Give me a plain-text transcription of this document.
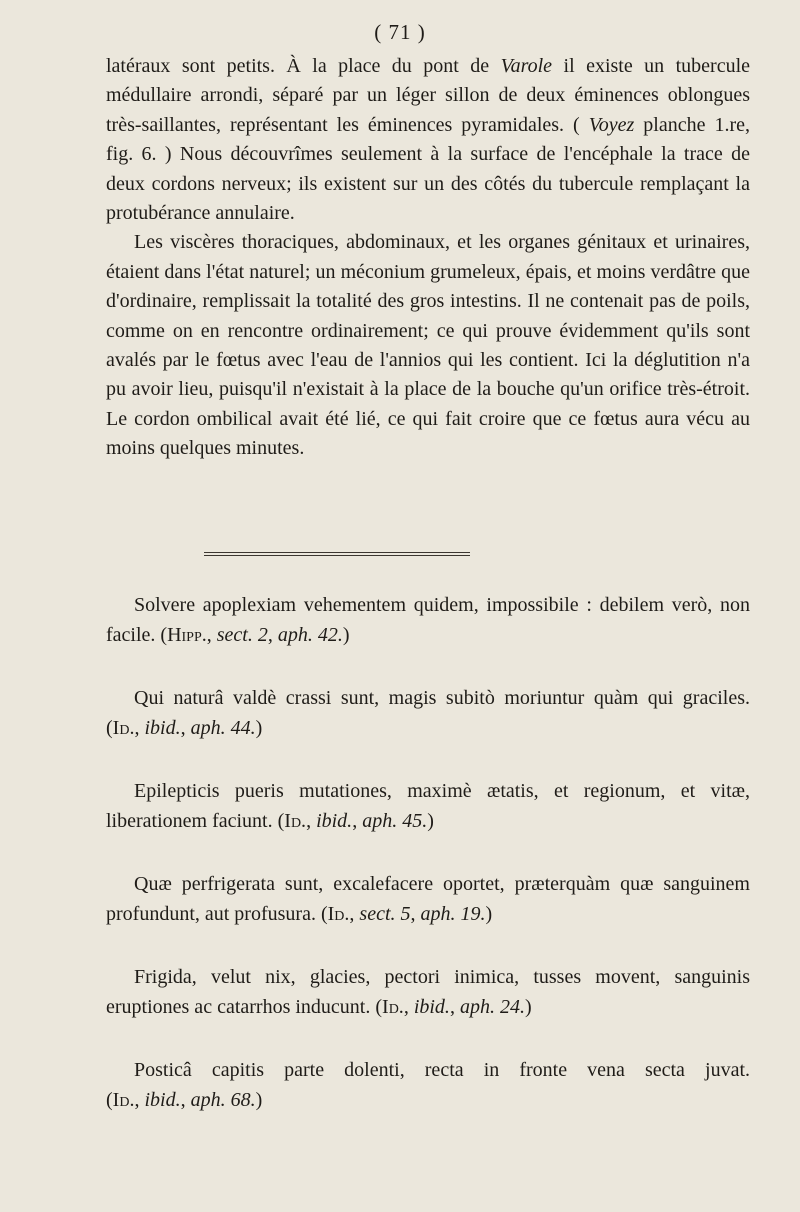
( 71 )

latéraux sont petits. À la place du pont de Varole il existe un tubercule médullaire arrondi, séparé par un léger sillon de deux éminences oblongues très-saillantes, représentant les éminences pyramidales. ( Voyez planche 1.re, fig. 6. ) Nous découvrîmes seulement à la surface de l'encéphale la trace de deux cordons nerveux; ils existent sur un des côtés du tubercule remplaçant la protubérance annulaire.

Les viscères thoraciques, abdominaux, et les organes génitaux et urinaires, étaient dans l'état naturel; un méconium grumeleux, épais, et moins verdâtre que d'ordinaire, remplissait la totalité des gros intestins. Il ne contenait pas de poils, comme on en rencontre ordinairement; ce qui prouve évidemment qu'ils sont avalés par le fœtus avec l'eau de l'annios qui les contient. Ici la déglutition n'a pu avoir lieu, puisqu'il n'existait à la place de la bouche qu'un orifice très-étroit. Le cordon ombilical avait été lié, ce qui fait croire que ce fœtus aura vécu au moins quelques minutes.

Solvere apoplexiam vehementem quidem, impossibile : debilem verò, non facile. (Hipp., sect. 2, aph. 42.)
Qui naturâ valdè crassi sunt, magis subitò moriuntur quàm qui graciles. (Id., ibid., aph. 44.)
Epilepticis pueris mutationes, maximè ætatis, et regionum, et vitæ, liberationem faciunt. (Id., ibid., aph. 45.)
Quæ perfrigerata sunt, excalefacere oportet, præterquàm quæ sanguinem profundunt, aut profusura. (Id., sect. 5, aph. 19.)
Frigida, velut nix, glacies, pectori inimica, tusses movent, sanguinis eruptiones ac catarrhos inducunt. (Id., ibid., aph. 24.)
Posticâ capitis parte dolenti, recta in fronte vena secta juvat. (Id., ibid., aph. 68.)
